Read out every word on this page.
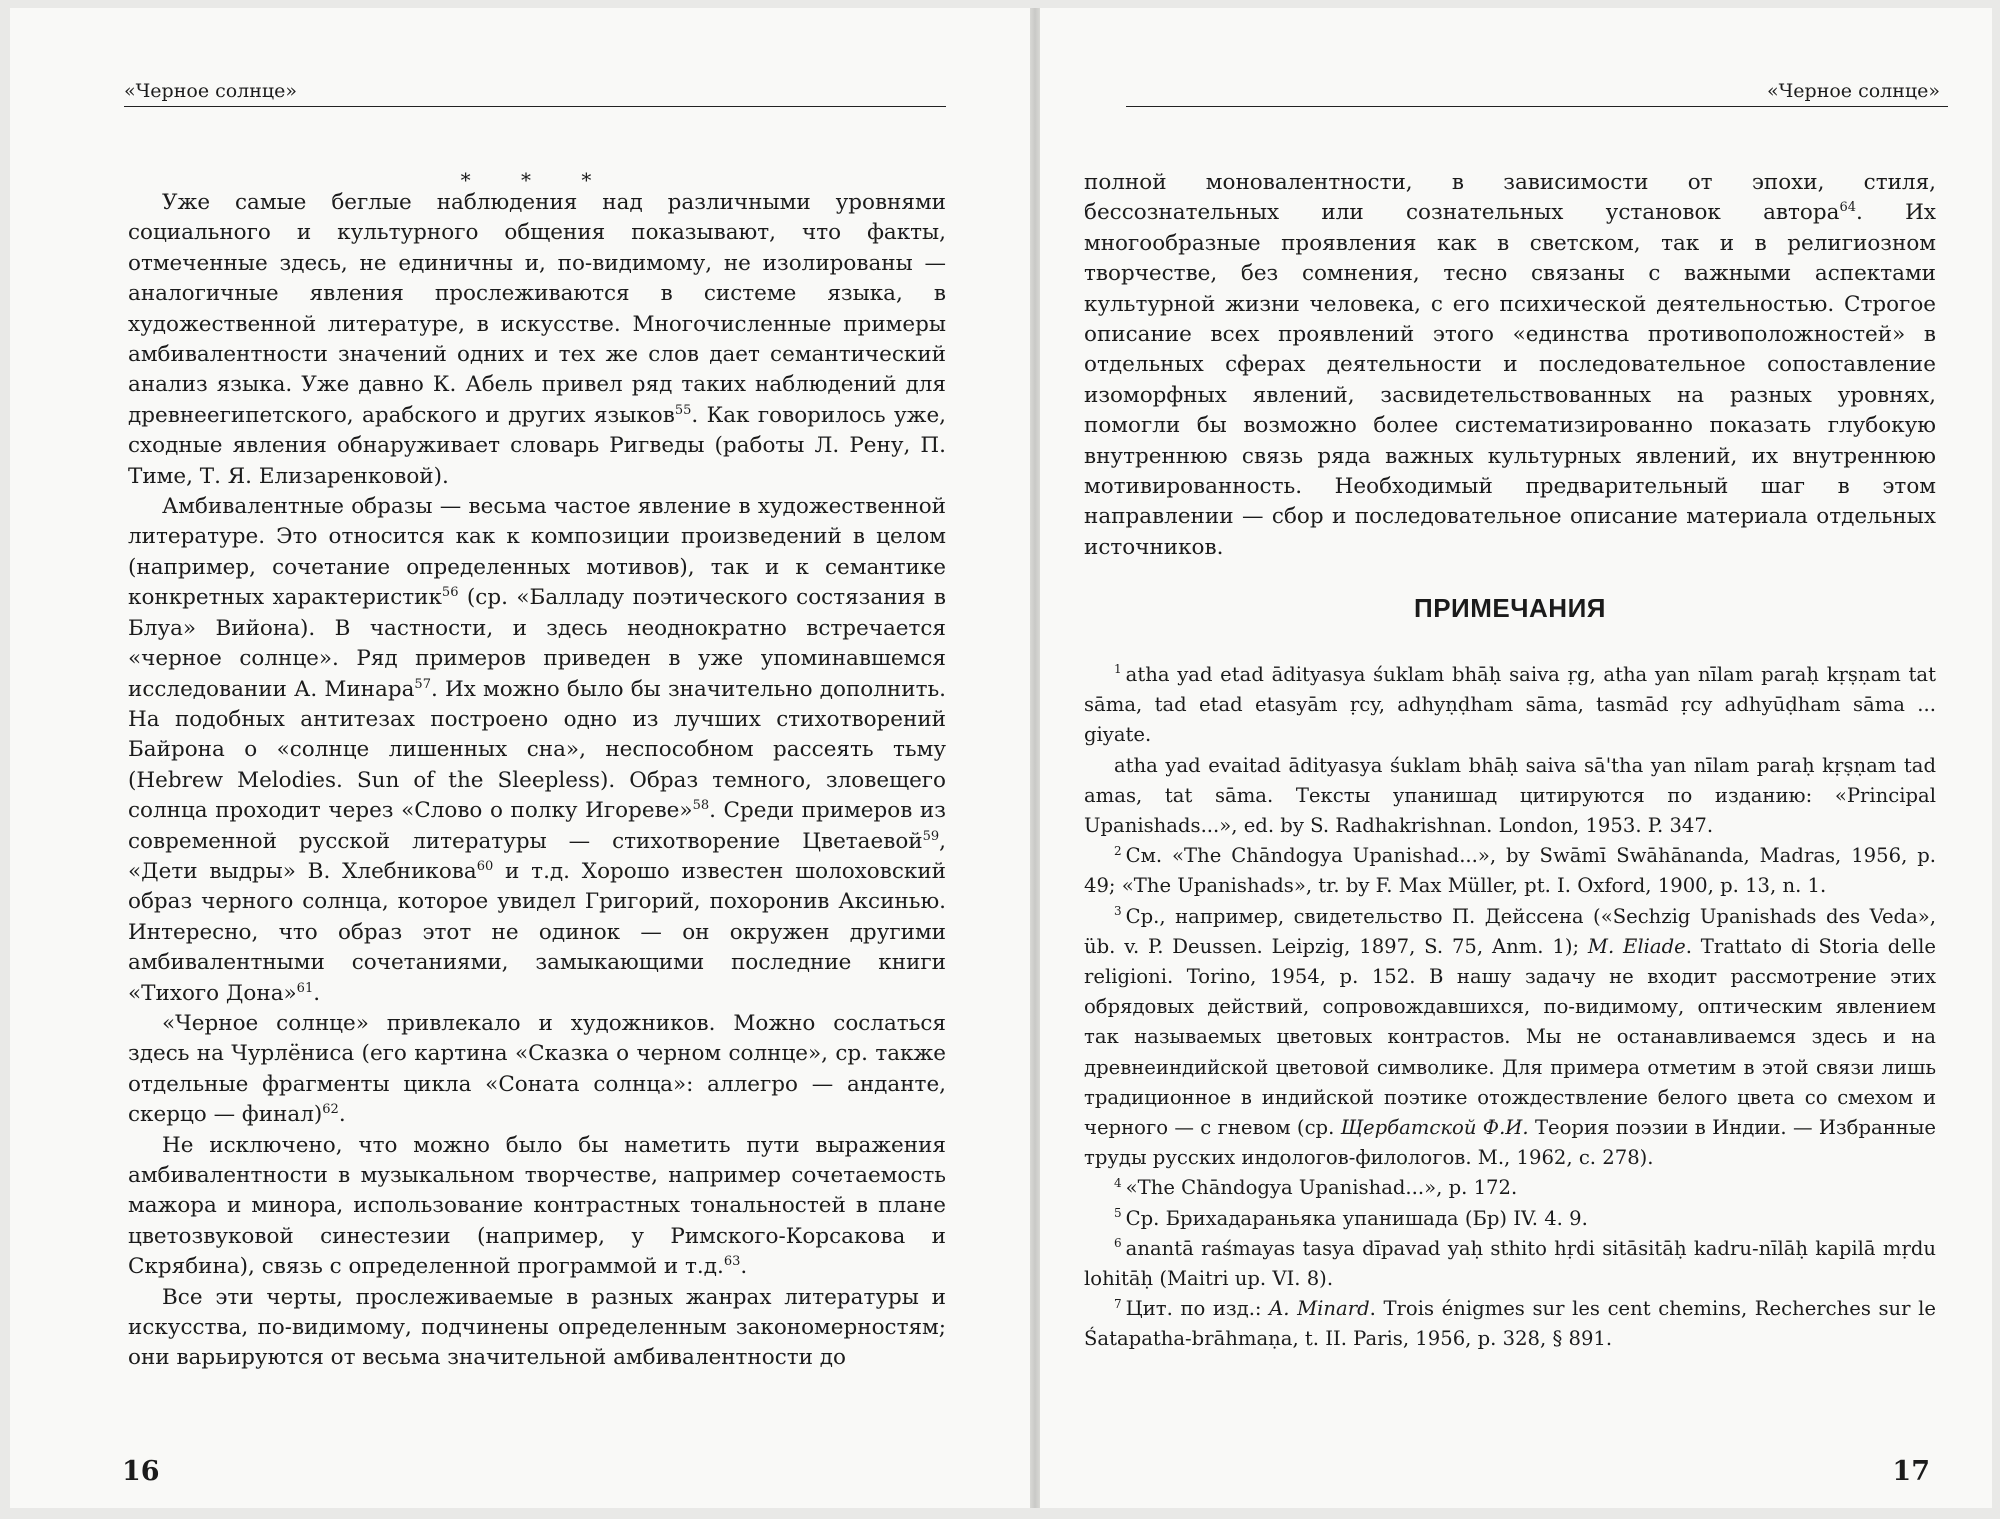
«Черное солнце»
* * *

Уже самые беглые наблюдения над различными уровнями социального и культурного общения показывают, что факты, отмеченные здесь, не единичны и, по-видимому, не изолированы — аналогичные явления прослеживаются в системе языка, в художественной литературе, в искусстве. Многочисленные примеры амбивалентности значений одних и тех же слов дает семантический анализ языка. Уже давно К. Абель привел ряд таких наблюдений для древнеегипетского, арабского и других языков$^{55}$. Как говорилось уже, сходные явления обнаруживает словарь Ригведы (работы Л. Рену, П. Тиме, Т. Я. Елизаренковой).

Амбивалентные образы — весьма частое явление в художественной литературе. Это относится как к композиции произведений в целом (например, сочетание определенных мотивов), так и к семантике конкретных характеристик$^{56}$ (ср. «Балладу поэтического состязания в Блуа» Вийона). В частности, и здесь неоднократно встречается «черное солнце». Ряд примеров приведен в уже упоминавшемся исследовании А. Минара$^{57}$. Их можно было бы значительно дополнить. На подобных антитезах построено одно из лучших стихотворений Байрона о «солнце лишенных сна», неспособном рассеять тьму (Hebrew Melodies. Sun of the Sleepless). Образ темного, зловещего солнца проходит через «Слово о полку Игореве»$^{58}$. Среди примеров из современной русской литературы — стихотворение Цветаевой$^{59}$, «Дети выдры» В. Хлебникова$^{60}$ и т.д. Хорошо известен шолоховский образ черного солнца, которое увидел Григорий, похоронив Аксинью. Интересно, что образ этот не одинок — он окружен другими амбивалентными сочетаниями, замыкающими последние книги «Тихого Дона»$^{61}$.

«Черное солнце» привлекало и художников. Можно сослаться здесь на Чурлёниса (его картина «Сказка о черном солнце», ср. также отдельные фрагменты цикла «Соната солнца»: аллегро — анданте, скерцо — финал)$^{62}$.

Не исключено, что можно было бы наметить пути выражения амбивалентности в музыкальном творчестве, например сочетаемость мажора и минора, использование контрастных тональностей в плане цветозвуковой синестезии (например, у Римского-Корсакова и Скрябина), связь с определенной программой и т.д.$^{63}$.

Все эти черты, прослеживаемые в разных жанрах литературы и искусства, по-видимому, подчинены определенным закономерностям; они варьируются от весьма значительной амбивалентности до

16
«Черное солнце»

полной моновалентности, в зависимости от эпохи, стиля, бессознательных или сознательных установок автора$^{64}$. Их многообразные проявления как в светском, так и в религиозном творчестве, без сомнения, тесно связаны с важными аспектами культурной жизни человека, с его психической деятельностью. Строгое описание всех проявлений этого «единства противоположностей» в отдельных сферах деятельности и последовательное сопоставление изоморфных явлений, засвидетельствованных на разных уровнях, помогли бы возможно более систематизированно показать глубокую внутреннюю связь ряда важных культурных явлений, их внутреннюю мотивированность. Необходимый предварительный шаг в этом направлении — сбор и последовательное описание материала отдельных источников.

ПРИМЕЧАНИЯ

$^1$ atha yad etad ādityasya śuklam bhāḥ saiva ṛg, atha yan nīlam paraḥ kṛṣṇam tat sāma, tad etad etasyām ṛcy, adhyṇḍham sāma, tasmād ṛcy adhyūḍham sāma ... giyate.

atha yad evaitad ādityasya śuklam bhāḥ saiva sā'tha yan nīlam paraḥ kṛṣṇam tad amas, tat sāma. Тексты упанишад цитируются по изданию: «Principal Upanishads...», ed. by S. Radhakrishnan. London, 1953. P. 347.

$^2$ См. «The Chāndogya Upanishad...», by Swāmī Swāhānanda, Madras, 1956, p. 49; «The Upanishads», tr. by F. Max Müller, pt. I. Oxford, 1900, p. 13, n. 1.

$^3$ Ср., например, свидетельство П. Дейссена («Sechzig Upanishads des Veda», üb. v. P. Deussen. Leipzig, 1897, S. 75, Anm. 1); M. Eliade. Trattato di Storia delle religioni. Torino, 1954, p. 152. В нашу задачу не входит рассмотрение этих обрядовых действий, сопровождавшихся, по-видимому, оптическим явлением так называемых цветовых контрастов. Мы не останавливаемся здесь и на древнеиндийской цветовой символике. Для примера отметим в этой связи лишь традиционное в индийской поэтике отождествление белого цвета со смехом и черного — с гневом (ср. Щербатской Ф.И. Теория поэзии в Индии. — Избранные труды русских индологов-филологов. М., 1962, с. 278).

$^4$ «The Chāndogya Upanishad...», p. 172.

$^5$ Ср. Брихадараньяка упанишада (Бр) IV. 4. 9.

$^6$ anantā raśmayas tasya dīpavad yaḥ sthito hṛdi sitāsitāḥ kadru-nīlāḥ kapilā mṛdu lohitāḥ (Maitri up. VI. 8).

$^7$ Цит. по изд.: A. Minard. Trois énigmes sur les cent chemins, Recherches sur le Śatapatha-brāhmaṇa, t. II. Paris, 1956, p. 328, § 891.

17
